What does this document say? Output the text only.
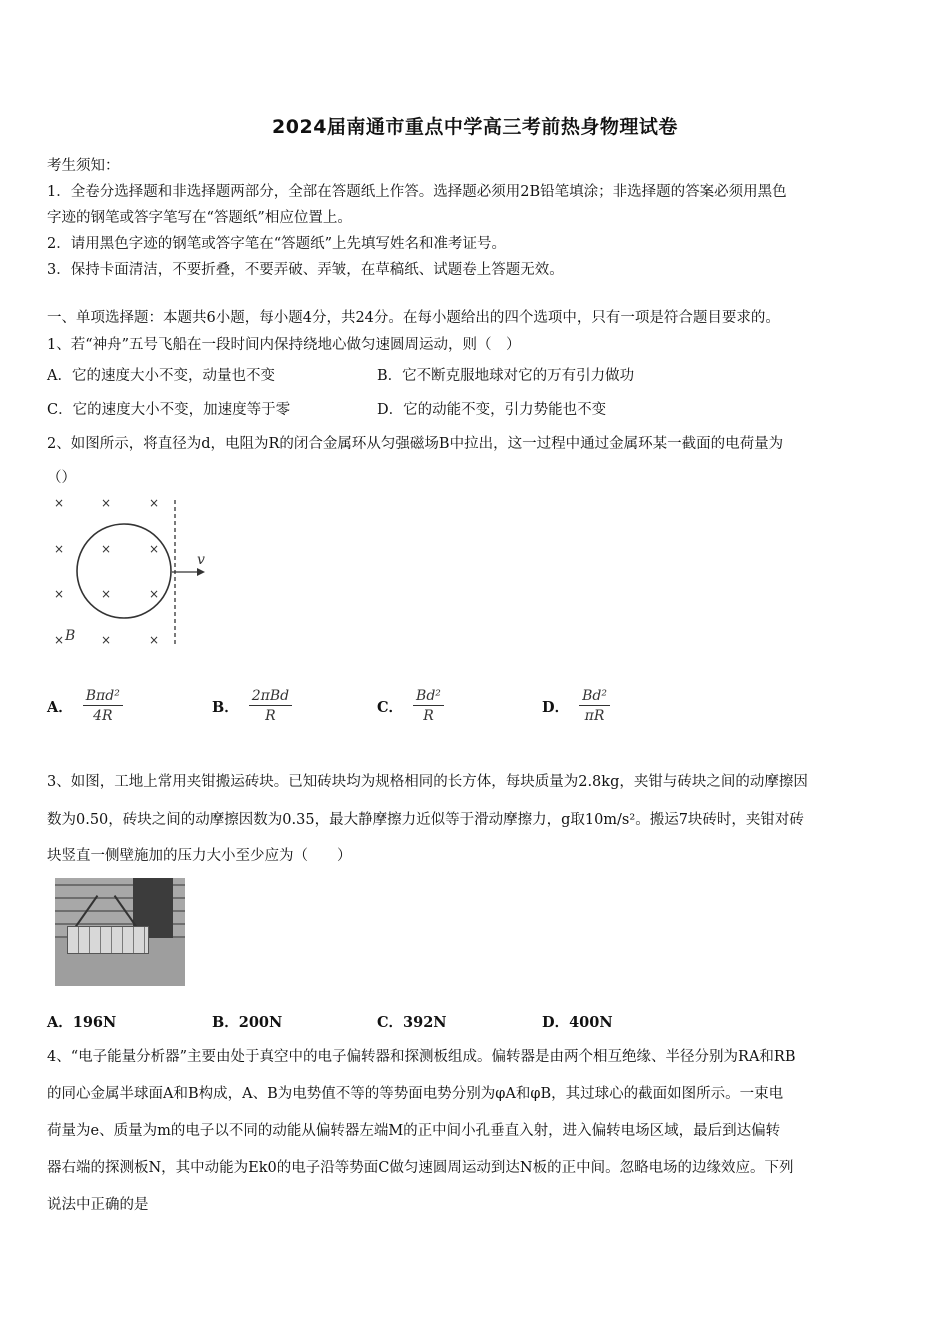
2024届南通市重点中学高三考前热身物理试卷
考生须知：
1．全卷分选择题和非选择题两部分，全部在答题纸上作答。选择题必须用2B铅笔填涂；非选择题的答案必须用黑色
字迹的钢笔或答字笔写在“答题纸”相应位置上。
2．请用黑色字迹的钢笔或答字笔在“答题纸”上先填写姓名和准考证号。
3．保持卡面清洁，不要折叠，不要弄破、弄皱，在草稿纸、试题卷上答题无效。
一、单项选择题：本题共6小题，每小题4分，共24分。在每小题给出的四个选项中，只有一项是符合题目要求的。
1、若“神舟”五号飞船在一段时间内保持绕地心做匀速圆周运动，则（　）
A．它的速度大小不变，动量也不变	B．它不断克服地球对它的万有引力做功
C．它的速度大小不变，加速度等于零	D．它的动能不变，引力势能也不变
2、如图所示，将直径为d，电阻为R的闭合金属环从匀强磁场B中拉出，这一过程中通过金属环某一截面的电荷量为
（）
×	×	×
×	×	×
×	×	×
×	×	×
v
B
A． $\frac{\text{Bπd²}}{4R}$	B． $\frac{\text{2πBd}}{R}$	C． $\frac{\text{Bd²}}{R}$	D． $\frac{\text{Bd²}}{\pi R}$
3、如图，工地上常用夹钳搬运砖块。已知砖块均为规格相同的长方体，每块质量为2.8kg，夹钳与砖块之间的动摩擦因
数为0.50，砖块之间的动摩擦因数为0.35，最大静摩擦力近似等于滑动摩擦力，g取10m/s²。搬运7块砖时，夹钳对砖
块竖直一侧壁施加的压力大小至少应为（　　）
A．196N	B．200N	C．392N	D．400N
4、“电子能量分析器”主要由处于真空中的电子偏转器和探测板组成。偏转器是由两个相互绝缘、半径分别为RA和RB
的同心金属半球面A和B构成，A、B为电势值不等的等势面电势分别为φA和φB，其过球心的截面如图所示。一束电
荷量为e、质量为m的电子以不同的动能从偏转器左端M的正中间小孔垂直入射，进入偏转电场区域，最后到达偏转
器右端的探测板N，其中动能为Ek0的电子沿等势面C做匀速圆周运动到达N板的正中间。忽略电场的边缘效应。下列
说法中正确的是
